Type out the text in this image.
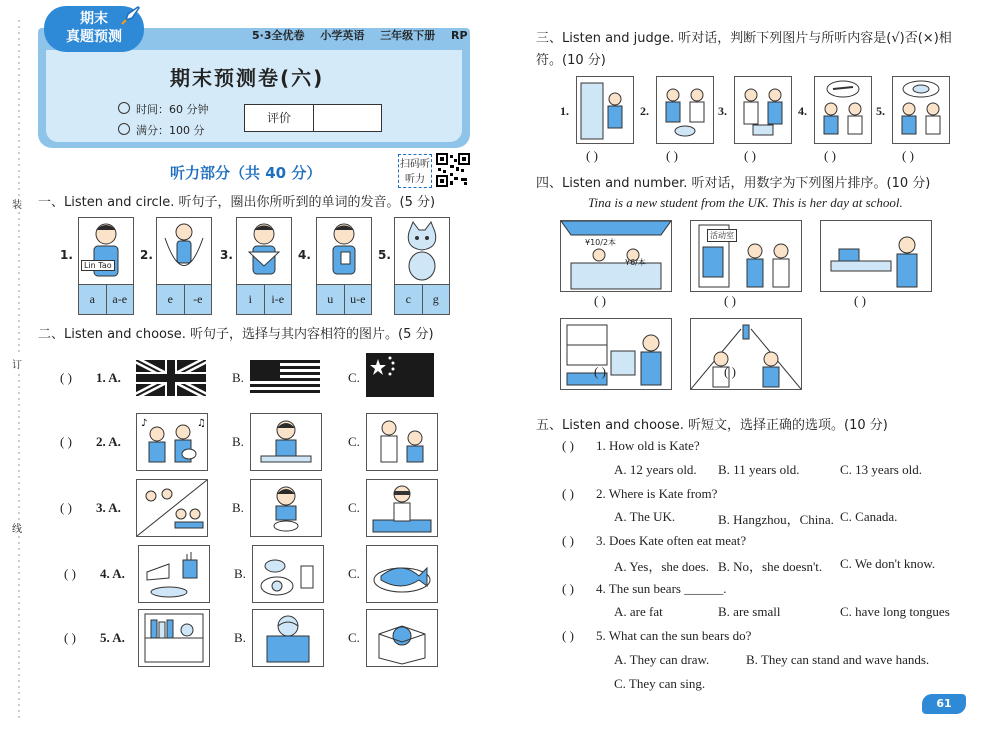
装
订
线
期末
真题预测	5·3全优卷 小学英语 三年级下册 RP
期末预测卷(六)
时间：60 分钟
满分：100 分
评价
听力部分（共 40 分）	扫码听听力
一、Listen and circle. 听句子，圈出你所听到的单词的发音。(5 分)
1.
Lin Tao
a	a-e
2.
e	-e
3.
i	i-e
4.
u	u-e
5.
c	g
二、Listen and choose. 听句子，选择与其内容相符的图片。(5 分)
( ) 1. A.	B.	C.
( ) 2. A.
♪	♫
B.	C.
( ) 3. A.	B.	C.
( ) 4. A.	B.	C.
( ) 5. A.	B.	C.
三、Listen and judge. 听对话，判断下列图片与所听内容是(√)否(×)相符。(10 分)
1.
( )
2.
( )
3.
( )
4.
( )
5.
( )
四、Listen and number. 听对话，用数字为下列图片排序。(10 分)
Tina is a new student from the UK. This is her day at school.
¥10/2本
¥6/本
( )
活动室
( )	( )
( )	( )
五、Listen and choose. 听短文，选择正确的选项。(10 分)
( ) 1. How old is Kate?
A. 12 years old. B. 11 years old.	C. 13 years old.
( ) 2. Where is Kate from?
A. The UK.	B. Hangzhou，China. C. Canada.
( ) 3. Does Kate often eat meat?
A. Yes，she does. B. No，she doesn't. C. We don't know.
( ) 4. The sun bears ______.
A. are fat	B. are small	C. have long tongues
( ) 5. What can the sun bears do?
A. They can draw.	B. They can stand and wave hands.
C. They can sing.
61
